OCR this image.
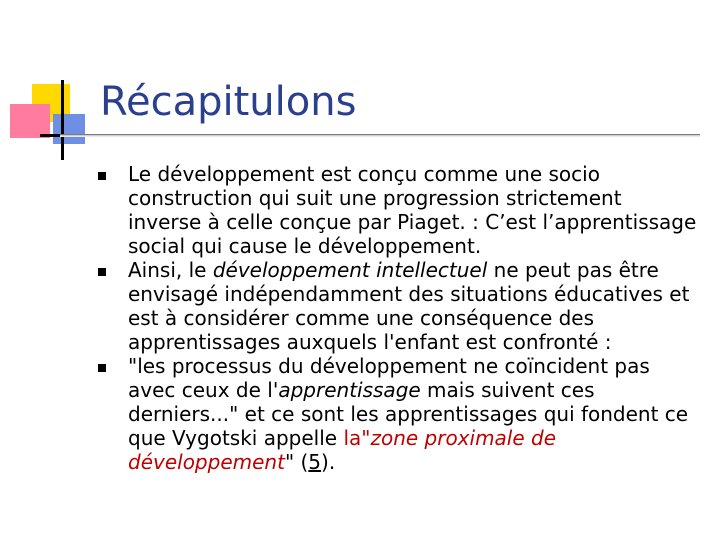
Récapitulons
Le développement est conçu comme une socio construction qui suit une progression strictement inverse à celle conçue par Piaget. : C’est l’apprentissage social qui cause le développement.
Ainsi, le développement intellectuel ne peut pas être envisagé indépendamment des situations éducatives et est à considérer comme une conséquence des apprentissages auxquels l'enfant est confronté :
"les processus du développement ne coïncident pas avec ceux de l'apprentissage mais suivent ces derniers..." et ce sont les apprentissages qui fondent ce que Vygotski appelle la"zone proximale de développement" (5).
